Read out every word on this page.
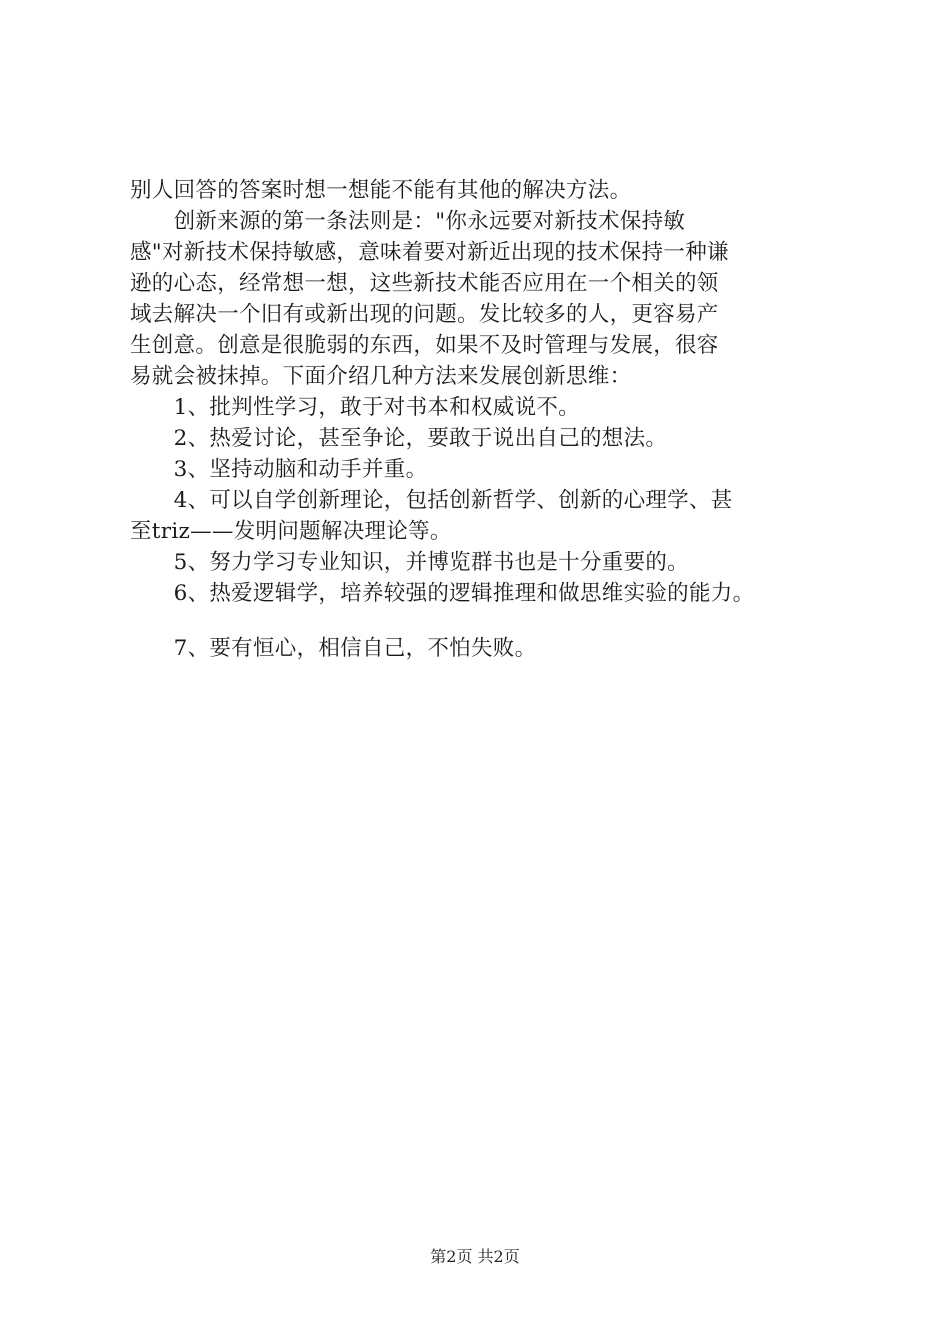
别人回答的答案时想一想能不能有其他的解决方法。
　　创新来源的第一条法则是："你永远要对新技术保持敏
感"对新技术保持敏感，意味着要对新近出现的技术保持一种谦
逊的心态，经常想一想，这些新技术能否应用在一个相关的领
域去解决一个旧有或新出现的问题。发比较多的人，更容易产
生创意。创意是很脆弱的东西，如果不及时管理与发展，很容
易就会被抹掉。下面介绍几种方法来发展创新思维：
　　1、批判性学习，敢于对书本和权威说不。
　　2、热爱讨论，甚至争论，要敢于说出自己的想法。
　　3、坚持动脑和动手并重。
　　4、可以自学创新理论，包括创新哲学、创新的心理学、甚
至triz——发明问题解决理论等。
　　5、努力学习专业知识，并博览群书也是十分重要的。
　　6、热爱逻辑学，培养较强的逻辑推理和做思维实验的能力。
　　7、要有恒心，相信自己，不怕失败。
第2页 共2页
